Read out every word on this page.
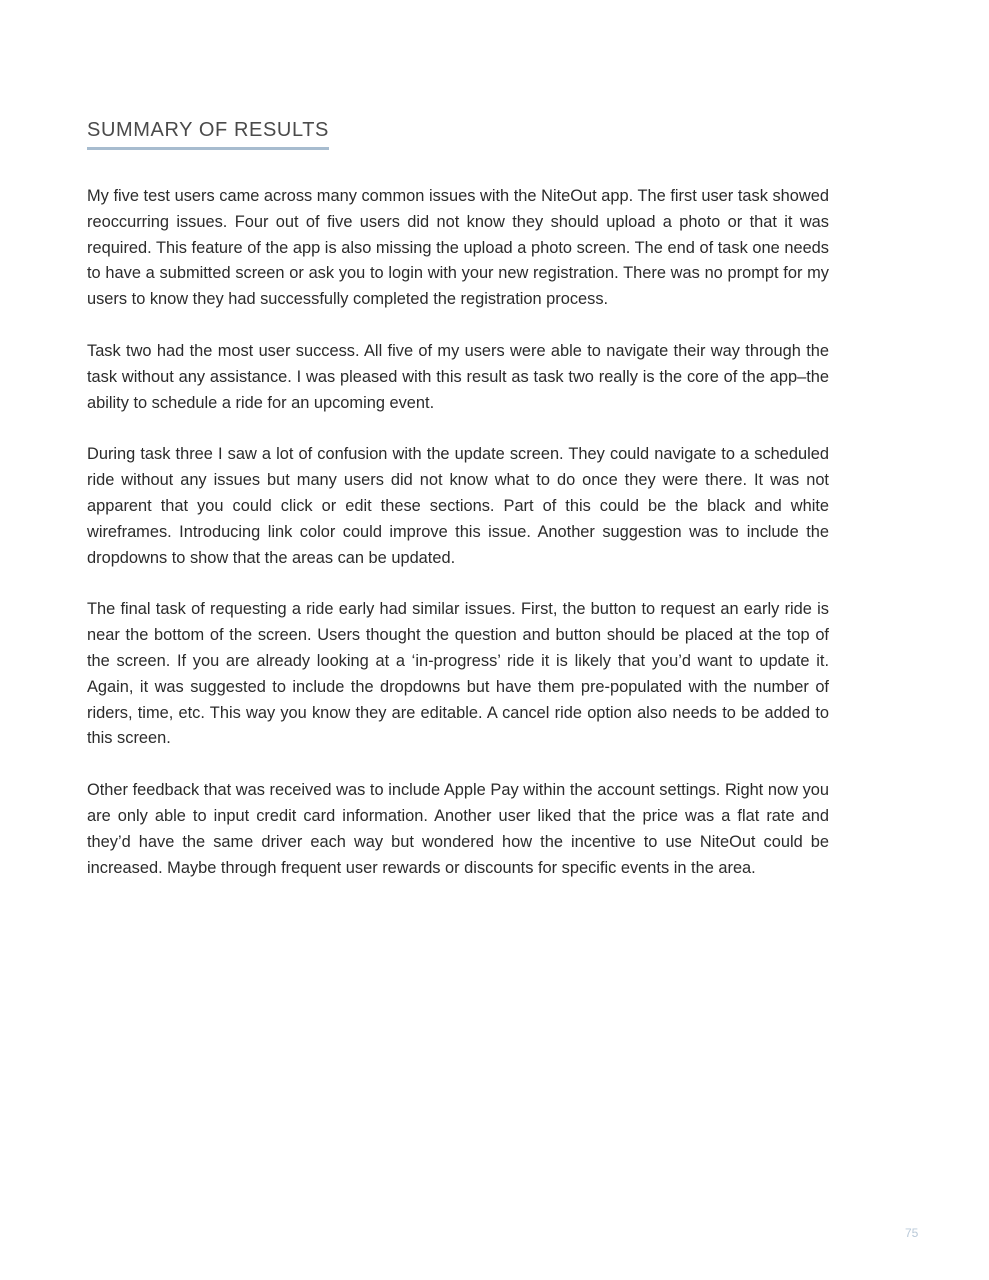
SUMMARY OF RESULTS

My five test users came across many common issues with the NiteOut app. The first user task showed reoccurring issues. Four out of five users did not know they should upload a photo or that it was required. This feature of the app is also missing the upload a photo screen. The end of task one needs to have a submitted screen or ask you to login with your new registration. There was no prompt for my users to know they had successfully completed the registration process.

Task two had the most user success. All five of my users were able to navigate their way through the task without any assistance. I was pleased with this result as task two really is the core of the app–the ability to schedule a ride for an upcoming event.

During task three I saw a lot of confusion with the update screen. They could navigate to a scheduled ride without any issues but many users did not know what to do once they were there. It was not apparent that you could click or edit these sections. Part of this could be the black and white wireframes. Introducing link color could improve this issue. Another suggestion was to include the dropdowns to show that the areas can be updated.

The final task of requesting a ride early had similar issues. First, the button to request an early ride is near the bottom of the screen. Users thought the question and button should be placed at the top of the screen. If you are already looking at a ‘in-progress’ ride it is likely that you’d want to update it. Again, it was suggested to include the dropdowns but have them pre-populated with the number of riders, time, etc. This way you know they are editable. A cancel ride option also needs to be added to this screen.

Other feedback that was received was to include Apple Pay within the account settings. Right now you are only able to input credit card information. Another user liked that the price was a flat rate and they’d have the same driver each way but wondered how the incentive to use NiteOut could be increased. Maybe through frequent user rewards or discounts for specific events in the area.

75
